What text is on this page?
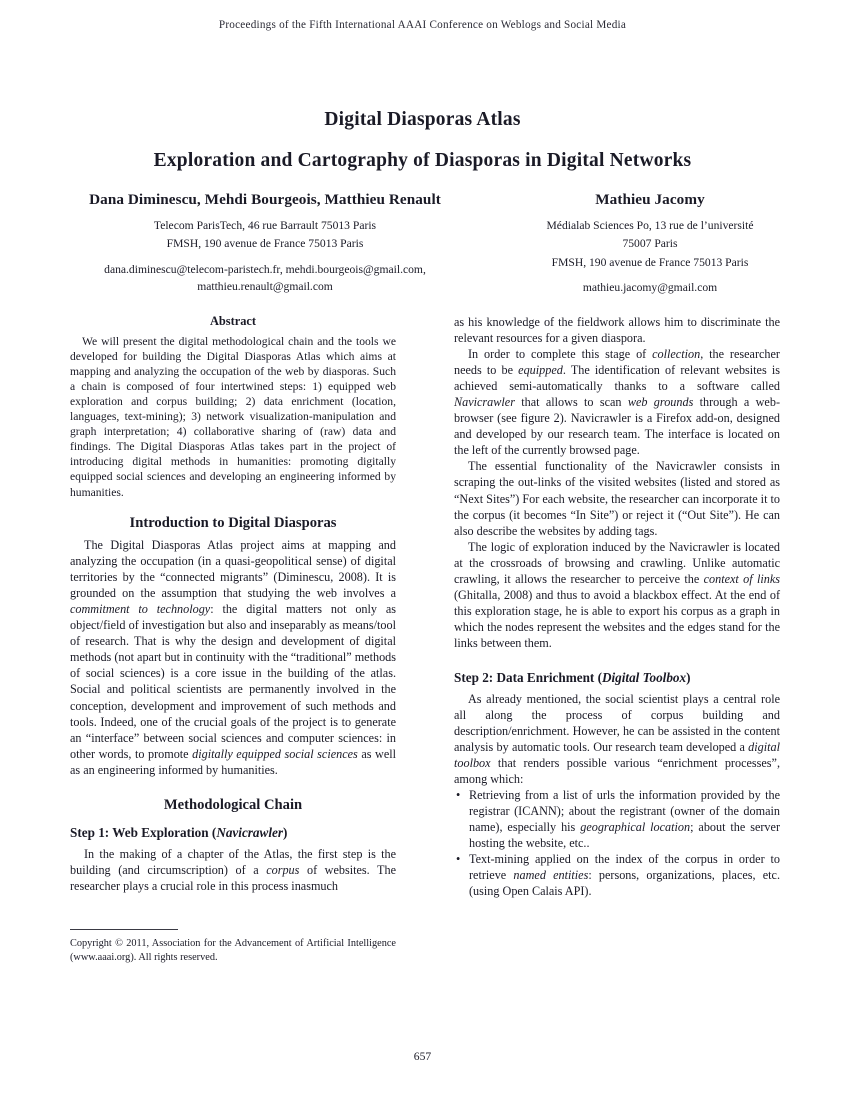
Proceedings of the Fifth International AAAI Conference on Weblogs and Social Media
Digital Diasporas Atlas
Exploration and Cartography of Diasporas in Digital Networks
Dana Diminescu, Mehdi Bourgeois, Matthieu Renault
Telecom ParisTech, 46 rue Barrault 75013 Paris
FMSH, 190 avenue de France 75013 Paris
dana.diminescu@telecom-paristech.fr, mehdi.bourgeois@gmail.com,
matthieu.renault@gmail.com
Mathieu Jacomy
Médialab Sciences Po, 13 rue de l’université
75007 Paris
FMSH, 190 avenue de France 75013 Paris
mathieu.jacomy@gmail.com
Abstract

We will present the digital methodological chain and the tools we developed for building the Digital Diasporas Atlas which aims at mapping and analyzing the occupation of the web by diasporas. Such a chain is composed of four intertwined steps: 1) equipped web exploration and corpus building; 2) data enrichment (location, languages, text-mining); 3) network visualization-manipulation and graph interpretation; 4) collaborative sharing of (raw) data and findings. The Digital Diasporas Atlas takes part in the project of introducing digital methods in humanities: promoting digitally equipped social sciences and developing an engineering informed by humanities.

Introduction to Digital Diasporas

The Digital Diasporas Atlas project aims at mapping and analyzing the occupation (in a quasi-geopolitical sense) of digital territories by the “connected migrants” (Diminescu, 2008). It is grounded on the assumption that studying the web involves a commitment to technology: the digital matters not only as object/field of investigation but also and inseparably as means/tool of research. That is why the design and development of digital methods (not apart but in continuity with the “traditional” methods of social sciences) is a core issue in the building of the atlas. Social and political scientists are permanently involved in the conception, development and improvement of such methods and tools. Indeed, one of the crucial goals of the project is to generate an “interface” between social sciences and computer sciences: in other words, to promote digitally equipped social sciences as well as an engineering informed by humanities.

Methodological Chain
Step 1: Web Exploration (Navicrawler)

In the making of a chapter of the Atlas, the first step is the building (and circumscription) of a corpus of websites. The researcher plays a crucial role in this process inasmuch

as his knowledge of the fieldwork allows him to discriminate the relevant resources for a given diaspora.

In order to complete this stage of collection, the researcher needs to be equipped. The identification of relevant websites is achieved semi-automatically thanks to a software called Navicrawler that allows to scan web grounds through a web-browser (see figure 2). Navicrawler is a Firefox add-on, designed and developed by our research team. The interface is located on the left of the currently browsed page.

The essential functionality of the Navicrawler consists in scraping the out-links of the visited websites (listed and stored as “Next Sites”) For each website, the researcher can incorporate it to the corpus (it becomes “In Site”) or reject it (“Out Site”). He can also describe the websites by adding tags.

The logic of exploration induced by the Navicrawler is located at the crossroads of browsing and crawling. Unlike automatic crawling, it allows the researcher to perceive the context of links (Ghitalla, 2008) and thus to avoid a blackbox effect. At the end of this exploration stage, he is able to export his corpus as a graph in which the nodes represent the websites and the edges stand for the links between them.

Step 2: Data Enrichment (Digital Toolbox)

As already mentioned, the social scientist plays a central role all along the process of corpus building and description/enrichment. However, he can be assisted in the content analysis by automatic tools. Our research team developed a digital toolbox that renders possible various “enrichment processes”, among which:

• Retrieving from a list of urls the information provided by the registrar (ICANN); about the registrant (owner of the domain name), especially his geographical location; about the server hosting the website, etc..
• Text-mining applied on the index of the corpus in order to retrieve named entities: persons, organizations, places, etc. (using Open Calais API).

Copyright © 2011, Association for the Advancement of Artificial Intelligence (www.aaai.org). All rights reserved.

657
